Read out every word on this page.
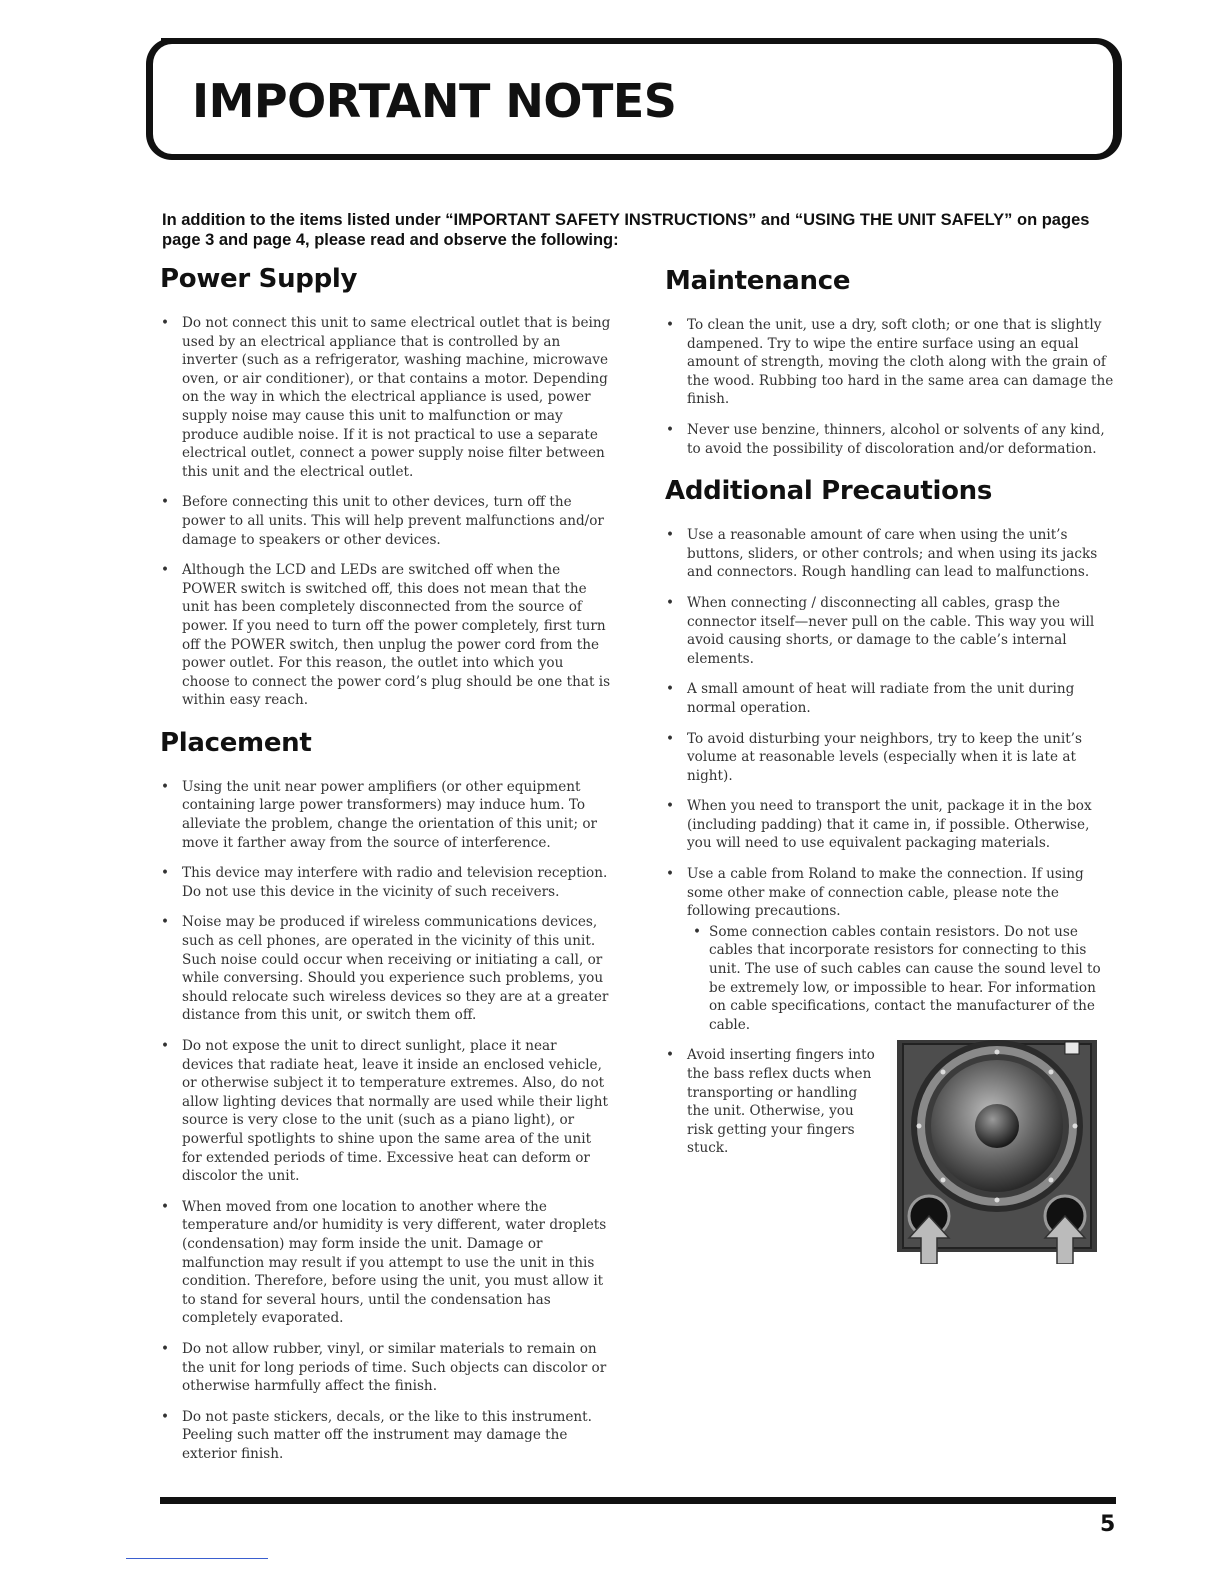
IMPORTANT NOTES
In addition to the items listed under “IMPORTANT SAFETY INSTRUCTIONS” and “USING THE UNIT SAFELY” on pages page 3 and page 4, please read and observe the following:
Power Supply
• Do not connect this unit to same electrical outlet that is being used by an electrical appliance that is controlled by an inverter (such as a refrigerator, washing machine, microwave oven, or air conditioner), or that contains a motor. Depending on the way in which the electrical appliance is used, power supply noise may cause this unit to malfunction or may produce audible noise. If it is not practical to use a separate electrical outlet, connect a power supply noise filter between this unit and the electrical outlet.
• Before connecting this unit to other devices, turn off the power to all units. This will help prevent malfunctions and/or damage to speakers or other devices.
• Although the LCD and LEDs are switched off when the POWER switch is switched off, this does not mean that the unit has been completely disconnected from the source of power. If you need to turn off the power completely, first turn off the POWER switch, then unplug the power cord from the power outlet. For this reason, the outlet into which you choose to connect the power cord’s plug should be one that is within easy reach.
Placement
• Using the unit near power amplifiers (or other equipment containing large power transformers) may induce hum. To alleviate the problem, change the orientation of this unit; or move it farther away from the source of interference.
• This device may interfere with radio and television reception. Do not use this device in the vicinity of such receivers.
• Noise may be produced if wireless communications devices, such as cell phones, are operated in the vicinity of this unit. Such noise could occur when receiving or initiating a call, or while conversing. Should you experience such problems, you should relocate such wireless devices so they are at a greater distance from this unit, or switch them off.
• Do not expose the unit to direct sunlight, place it near devices that radiate heat, leave it inside an enclosed vehicle, or otherwise subject it to temperature extremes. Also, do not allow lighting devices that normally are used while their light source is very close to the unit (such as a piano light), or powerful spotlights to shine upon the same area of the unit for extended periods of time. Excessive heat can deform or discolor the unit.
• When moved from one location to another where the temperature and/or humidity is very different, water droplets (condensation) may form inside the unit. Damage or malfunction may result if you attempt to use the unit in this condition. Therefore, before using the unit, you must allow it to stand for several hours, until the condensation has completely evaporated.
• Do not allow rubber, vinyl, or similar materials to remain on the unit for long periods of time. Such objects can discolor or otherwise harmfully affect the finish.
• Do not paste stickers, decals, or the like to this instrument. Peeling such matter off the instrument may damage the exterior finish.
Maintenance
• To clean the unit, use a dry, soft cloth; or one that is slightly dampened. Try to wipe the entire surface using an equal amount of strength, moving the cloth along with the grain of the wood. Rubbing too hard in the same area can damage the finish.
• Never use benzine, thinners, alcohol or solvents of any kind, to avoid the possibility of discoloration and/or deformation.
Additional Precautions
• Use a reasonable amount of care when using the unit’s buttons, sliders, or other controls; and when using its jacks and connectors. Rough handling can lead to malfunctions.
• When connecting / disconnecting all cables, grasp the connector itself—never pull on the cable. This way you will avoid causing shorts, or damage to the cable’s internal elements.
• A small amount of heat will radiate from the unit during normal operation.
• To avoid disturbing your neighbors, try to keep the unit’s volume at reasonable levels (especially when it is late at night).
• When you need to transport the unit, package it in the box (including padding) that it came in, if possible. Otherwise, you will need to use equivalent packaging materials.
• Use a cable from Roland to make the connection. If using some other make of connection cable, please note the following precautions.
• Some connection cables contain resistors. Do not use cables that incorporate resistors for connecting to this unit. The use of such cables can cause the sound level to be extremely low, or impossible to hear. For information on cable specifications, contact the manufacturer of the cable.
• Avoid inserting fingers into the bass reflex ducts when transporting or handling the unit. Otherwise, you risk getting your fingers stuck.
5
